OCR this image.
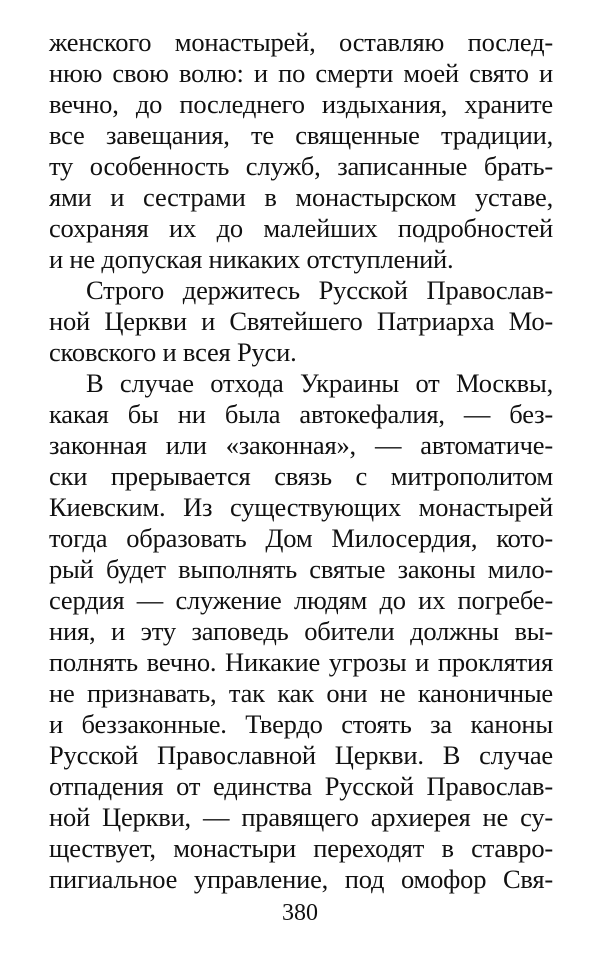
женского монастырей, оставляю послед-
нюю свою волю: и по смерти моей свято и
вечно, до последнего издыхания, храните
все завещания, те священные традиции,
ту особенность служб, записанные брать-
ями и сестрами в монастырском уставе,
сохраняя их до малейших подробностей
и не допуская никаких отступлений.
Строго держитесь Русской Православ-
ной Церкви и Святейшего Патриарха Мо-
сковского и всея Руси.
В случае отхода Украины от Москвы,
какая бы ни была автокефалия, — без-
законная или «законная», — автоматиче-
ски прерывается связь с митрополитом
Киевским. Из существующих монастырей
тогда образовать Дом Милосердия, кото-
рый будет выполнять святые законы мило-
сердия — служение людям до их погребе-
ния, и эту заповедь обители должны вы-
полнять вечно. Никакие угрозы и проклятия
не признавать, так как они не каноничные
и беззаконные. Твердо стоять за каноны
Русской Православной Церкви. В случае
отпадения от единства Русской Православ-
ной Церкви, — правящего архиерея не су-
ществует, монастыри переходят в ставро-
пигиальное управление, под омофор Свя-
380
